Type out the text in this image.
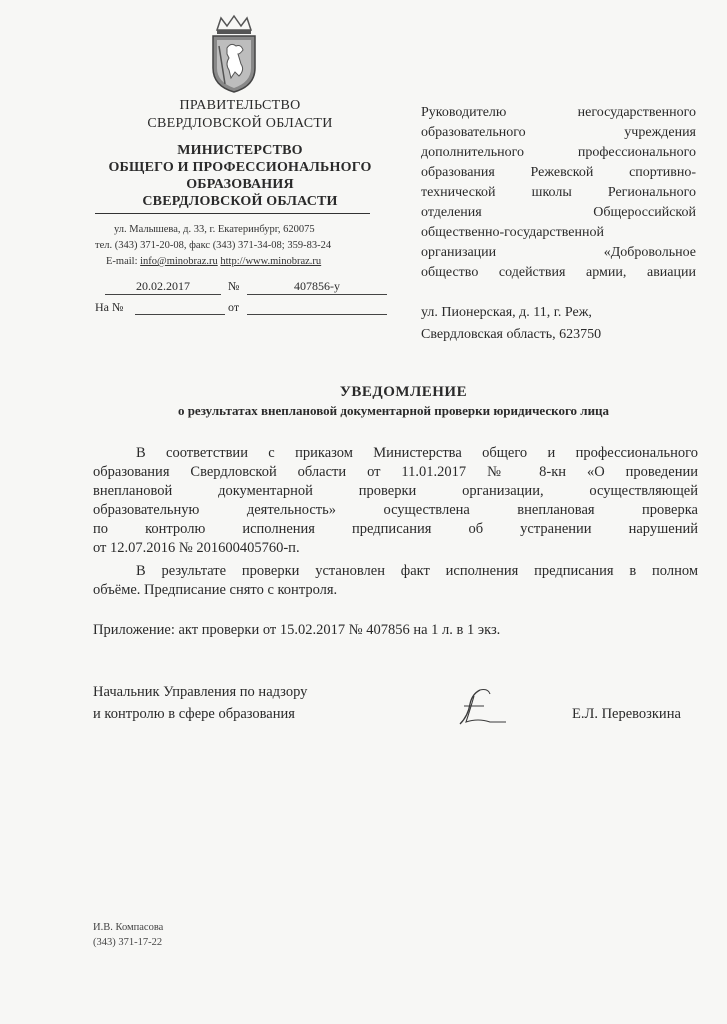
ПРАВИТЕЛЬСТВО
СВЕРДЛОВСКОЙ ОБЛАСТИ
МИНИСТЕРСТВО
ОБЩЕГО И ПРОФЕССИОНАЛЬНОГО
ОБРАЗОВАНИЯ
СВЕРДЛОВСКОЙ ОБЛАСТИ
ул. Малышева, д. 33, г. Екатеринбург, 620075
тел. (343) 371-20-08, факс (343) 371-34-08; 359-83-24
E-mail: info@minobraz.ru http://www.minobraz.ru
20.02.2017	№	407856-у
На №	от
Руководителю негосударственного
образовательного учреждения
дополнительного профессионального
образования Режевской спортивно-
технической школы Регионального
отделения Общероссийской
общественно-государственной
организации «Добровольное
общество содействия армии, авиации
ул. Пионерская, д. 11, г. Реж,
Свердловская область, 623750
УВЕДОМЛЕНИЕ
о результатах внеплановой документарной проверки юридического лица
В соответствии с приказом Министерства общего и профессионального
образования Свердловской области от 11.01.2017 № 8-кн «О проведении
внеплановой документарной проверки организации, осуществляющей
образовательную деятельность» осуществлена внеплановая проверка
по контролю исполнения предписания об устранении нарушений
от 12.07.2016 № 201600405760-п.
В результате проверки установлен факт исполнения предписания в полном
объёме. Предписание снято с контроля.
Приложение: акт проверки от 15.02.2017 № 407856 на 1 л. в 1 экз.
Начальник Управления по надзору
и контролю в сфере образования	Е.Л. Перевозкина
И.В. Компасова
(343) 371-17-22
